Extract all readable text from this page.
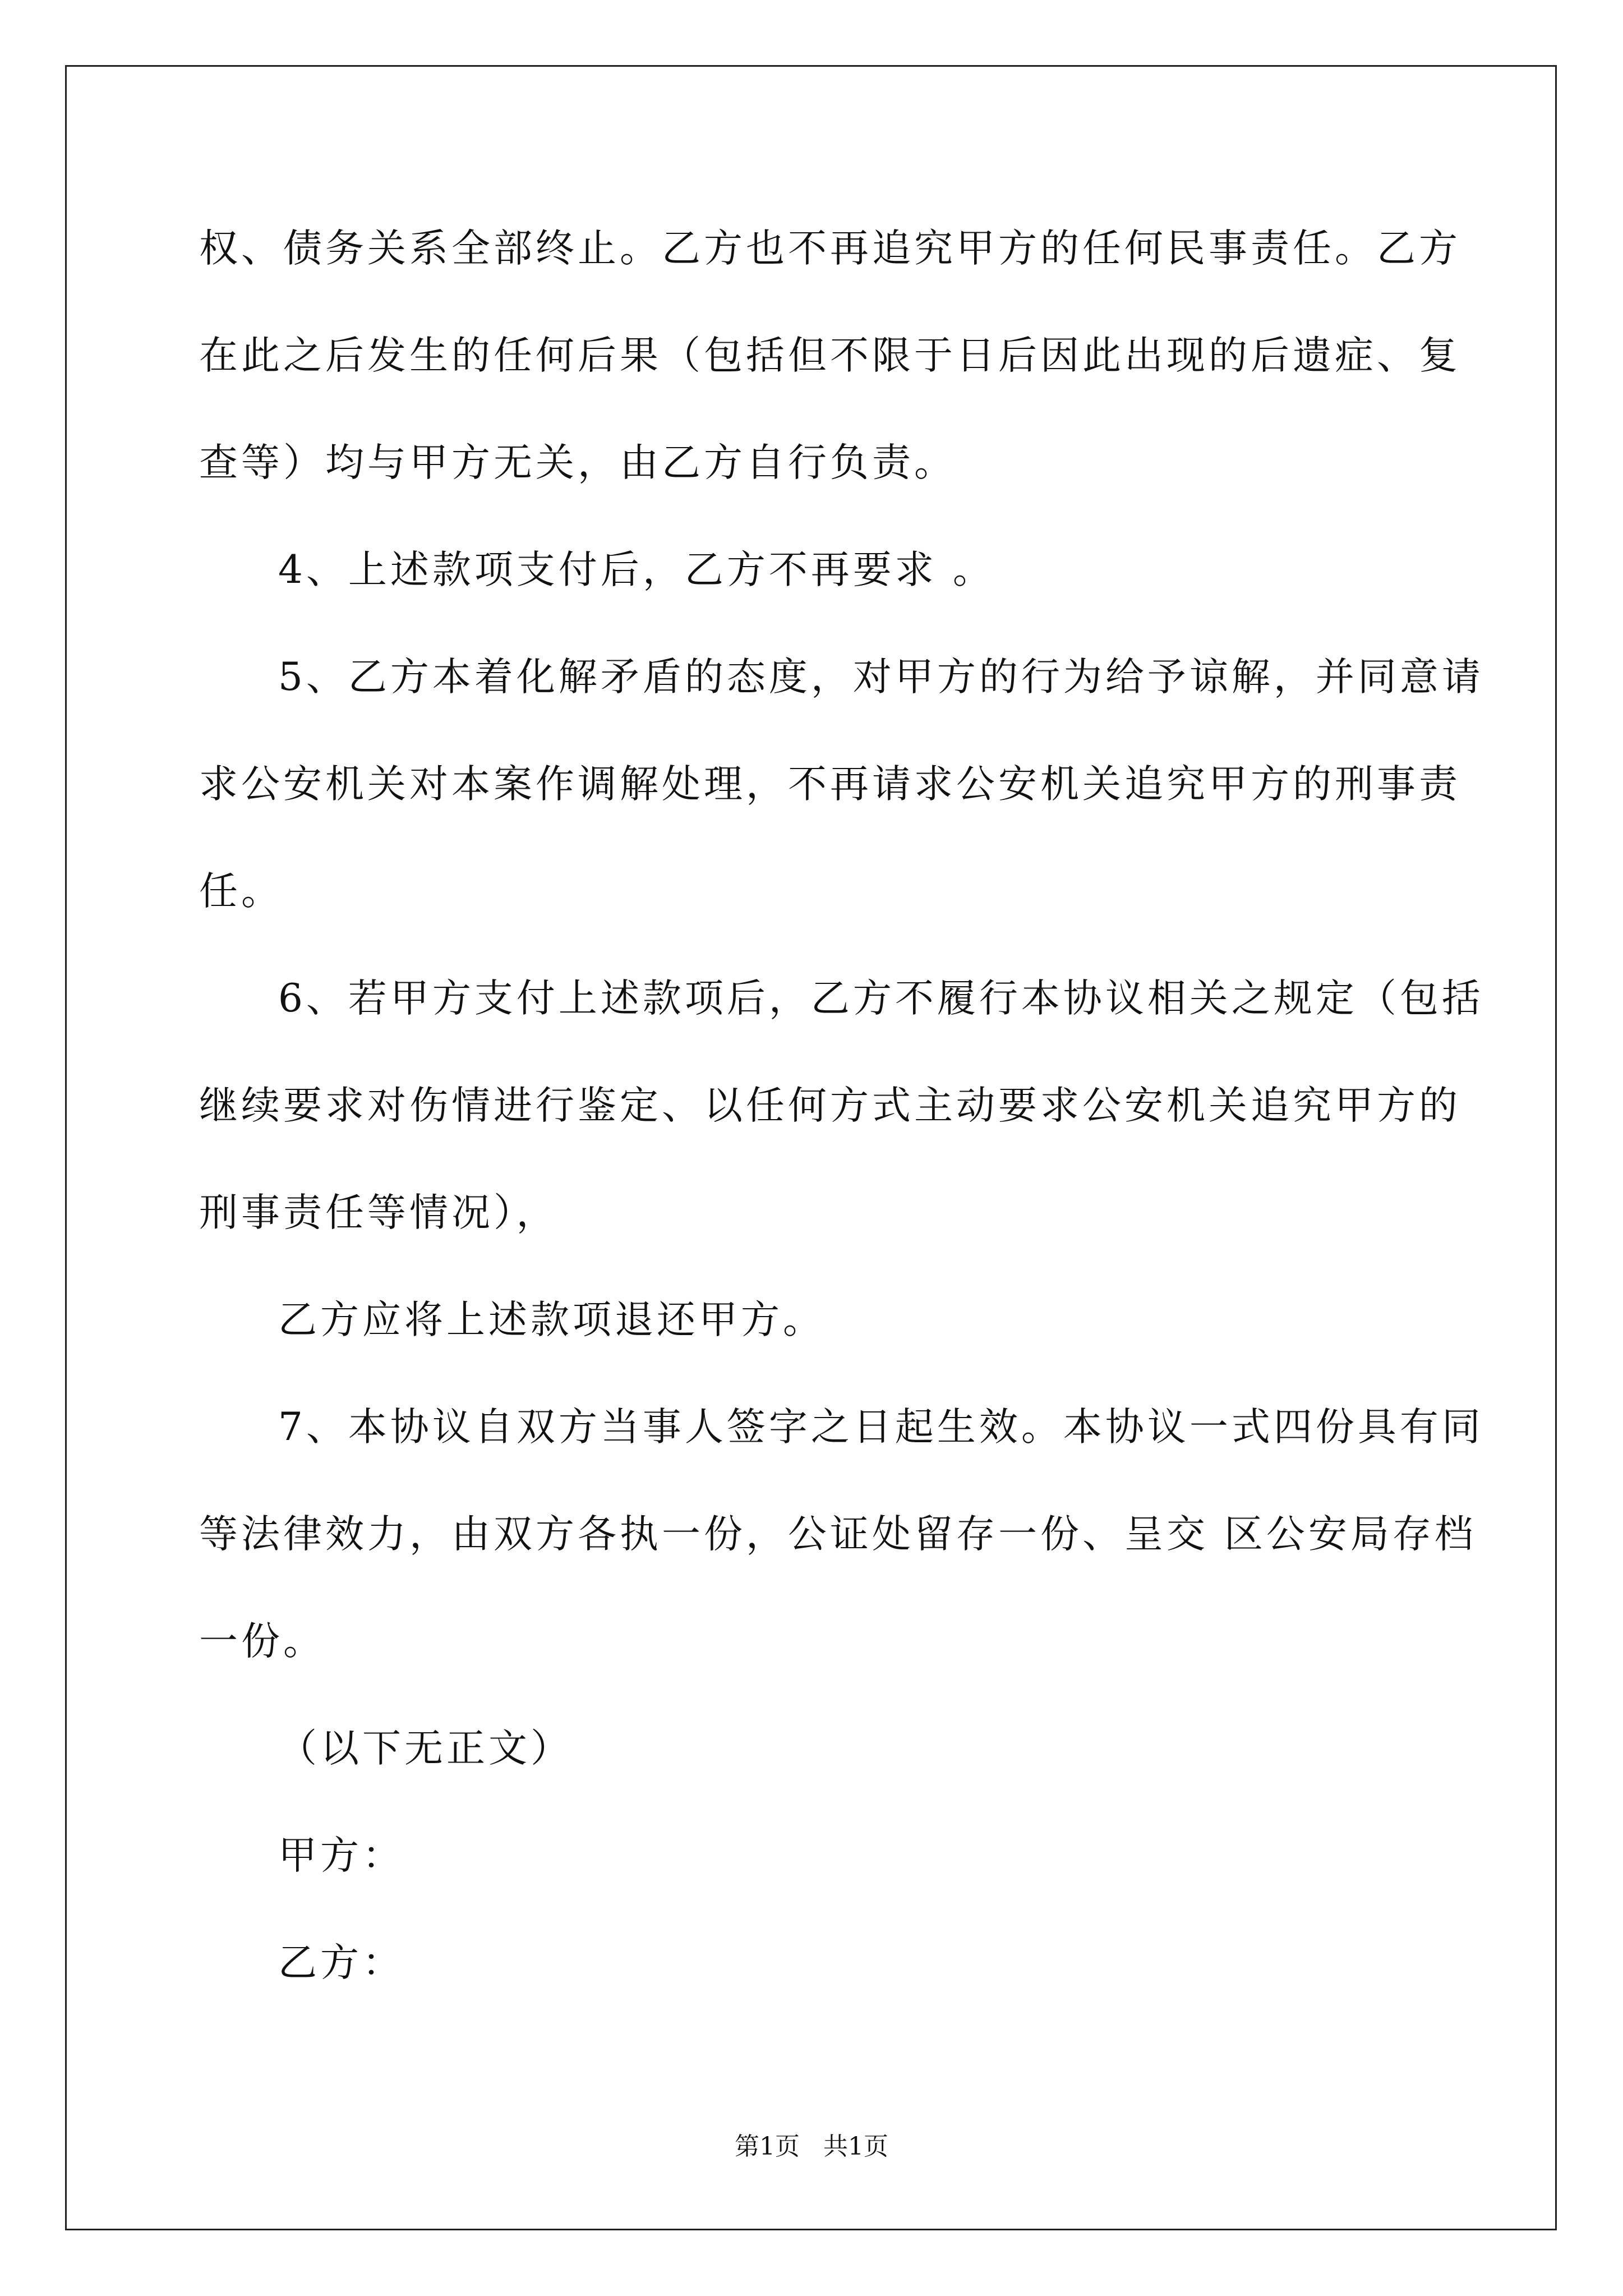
权、债务关系全部终止。乙方也不再追究甲方的任何民事责任。乙方
在此之后发生的任何后果（包括但不限于日后因此出现的后遗症、复
查等）均与甲方无关，由乙方自行负责。
4、上述款项支付后，乙方不再要求 。
5、乙方本着化解矛盾的态度，对甲方的行为给予谅解，并同意请
求公安机关对本案作调解处理，不再请求公安机关追究甲方的刑事责
任。
6、若甲方支付上述款项后，乙方不履行本协议相关之规定（包括
继续要求对伤情进行鉴定、以任何方式主动要求公安机关追究甲方的
刑事责任等情况），
乙方应将上述款项退还甲方。
7、本协议自双方当事人签字之日起生效。本协议一式四份具有同
等法律效力，由双方各执一份，公证处留存一份、呈交 区公安局存档
一份。
（以下无正文）
甲方：
乙方：
第1页   共1页
